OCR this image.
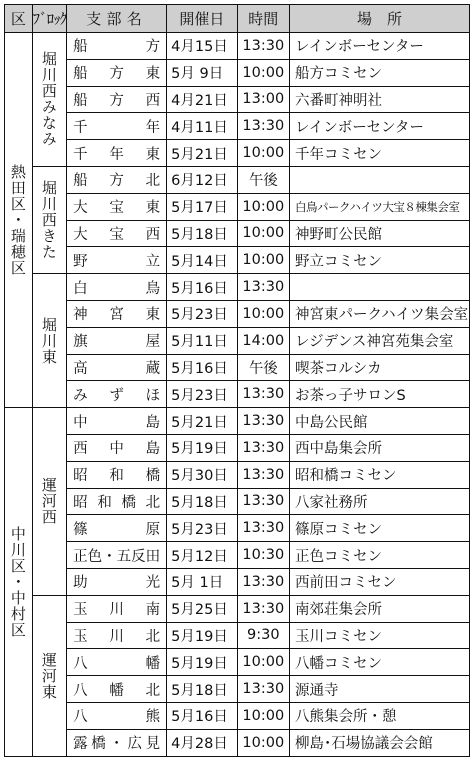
区	ﾌﾞﾛｯｸ	支部名	開催日	時間	場　所
熱田区・瑞穂区	堀川西みなみ	船方	4月15日	13:30	レインボーセンター
		船方東	5月 9日	10:00	船方コミセン
		船方西	4月21日	13:00	六番町神明社
		千年	4月11日	13:30	レインボーセンター
		千年東	5月21日	10:00	千年コミセン
	堀川西きた	船方北	6月12日	午後	
		大宝東	5月17日	10:00	白鳥パークハイツ大宝８棟集会室
		大宝西	5月18日	10:00	神野町公民館
		野立	5月14日	10:00	野立コミセン
	堀川東	白鳥	5月16日	13:30	
		神宮東	5月23日	10:00	神宮東パークハイツ集会室
		旗屋	5月11日	14:00	レジデンス神宮苑集会室
		高蔵	5月16日	午後	喫茶コルシカ
		みずほ	5月23日	13:30	お茶っ子サロンS
中川区・中村区	運河西	中島	5月21日	13:30	中島公民館
		西中島	5月19日	13:30	西中島集会所
		昭和橋	5月30日	13:30	昭和橋コミセン
		昭和橋北	5月18日	13:30	八家社務所
		篠原	5月23日	13:30	篠原コミセン
		正色・五反田	5月12日	10:30	正色コミセン
		助光	5月 1日	13:30	西前田コミセン
	運河東	玉川南	5月25日	13:30	南郊荘集会所
		玉川北	5月19日	9:30	玉川コミセン
		八幡	5月19日	10:00	八幡コミセン
		八幡北	5月18日	13:30	源通寺
		八熊	5月16日	10:00	八熊集会所・憩
		露橋・広見	4月28日	10:00	柳島･石場協議会会館
